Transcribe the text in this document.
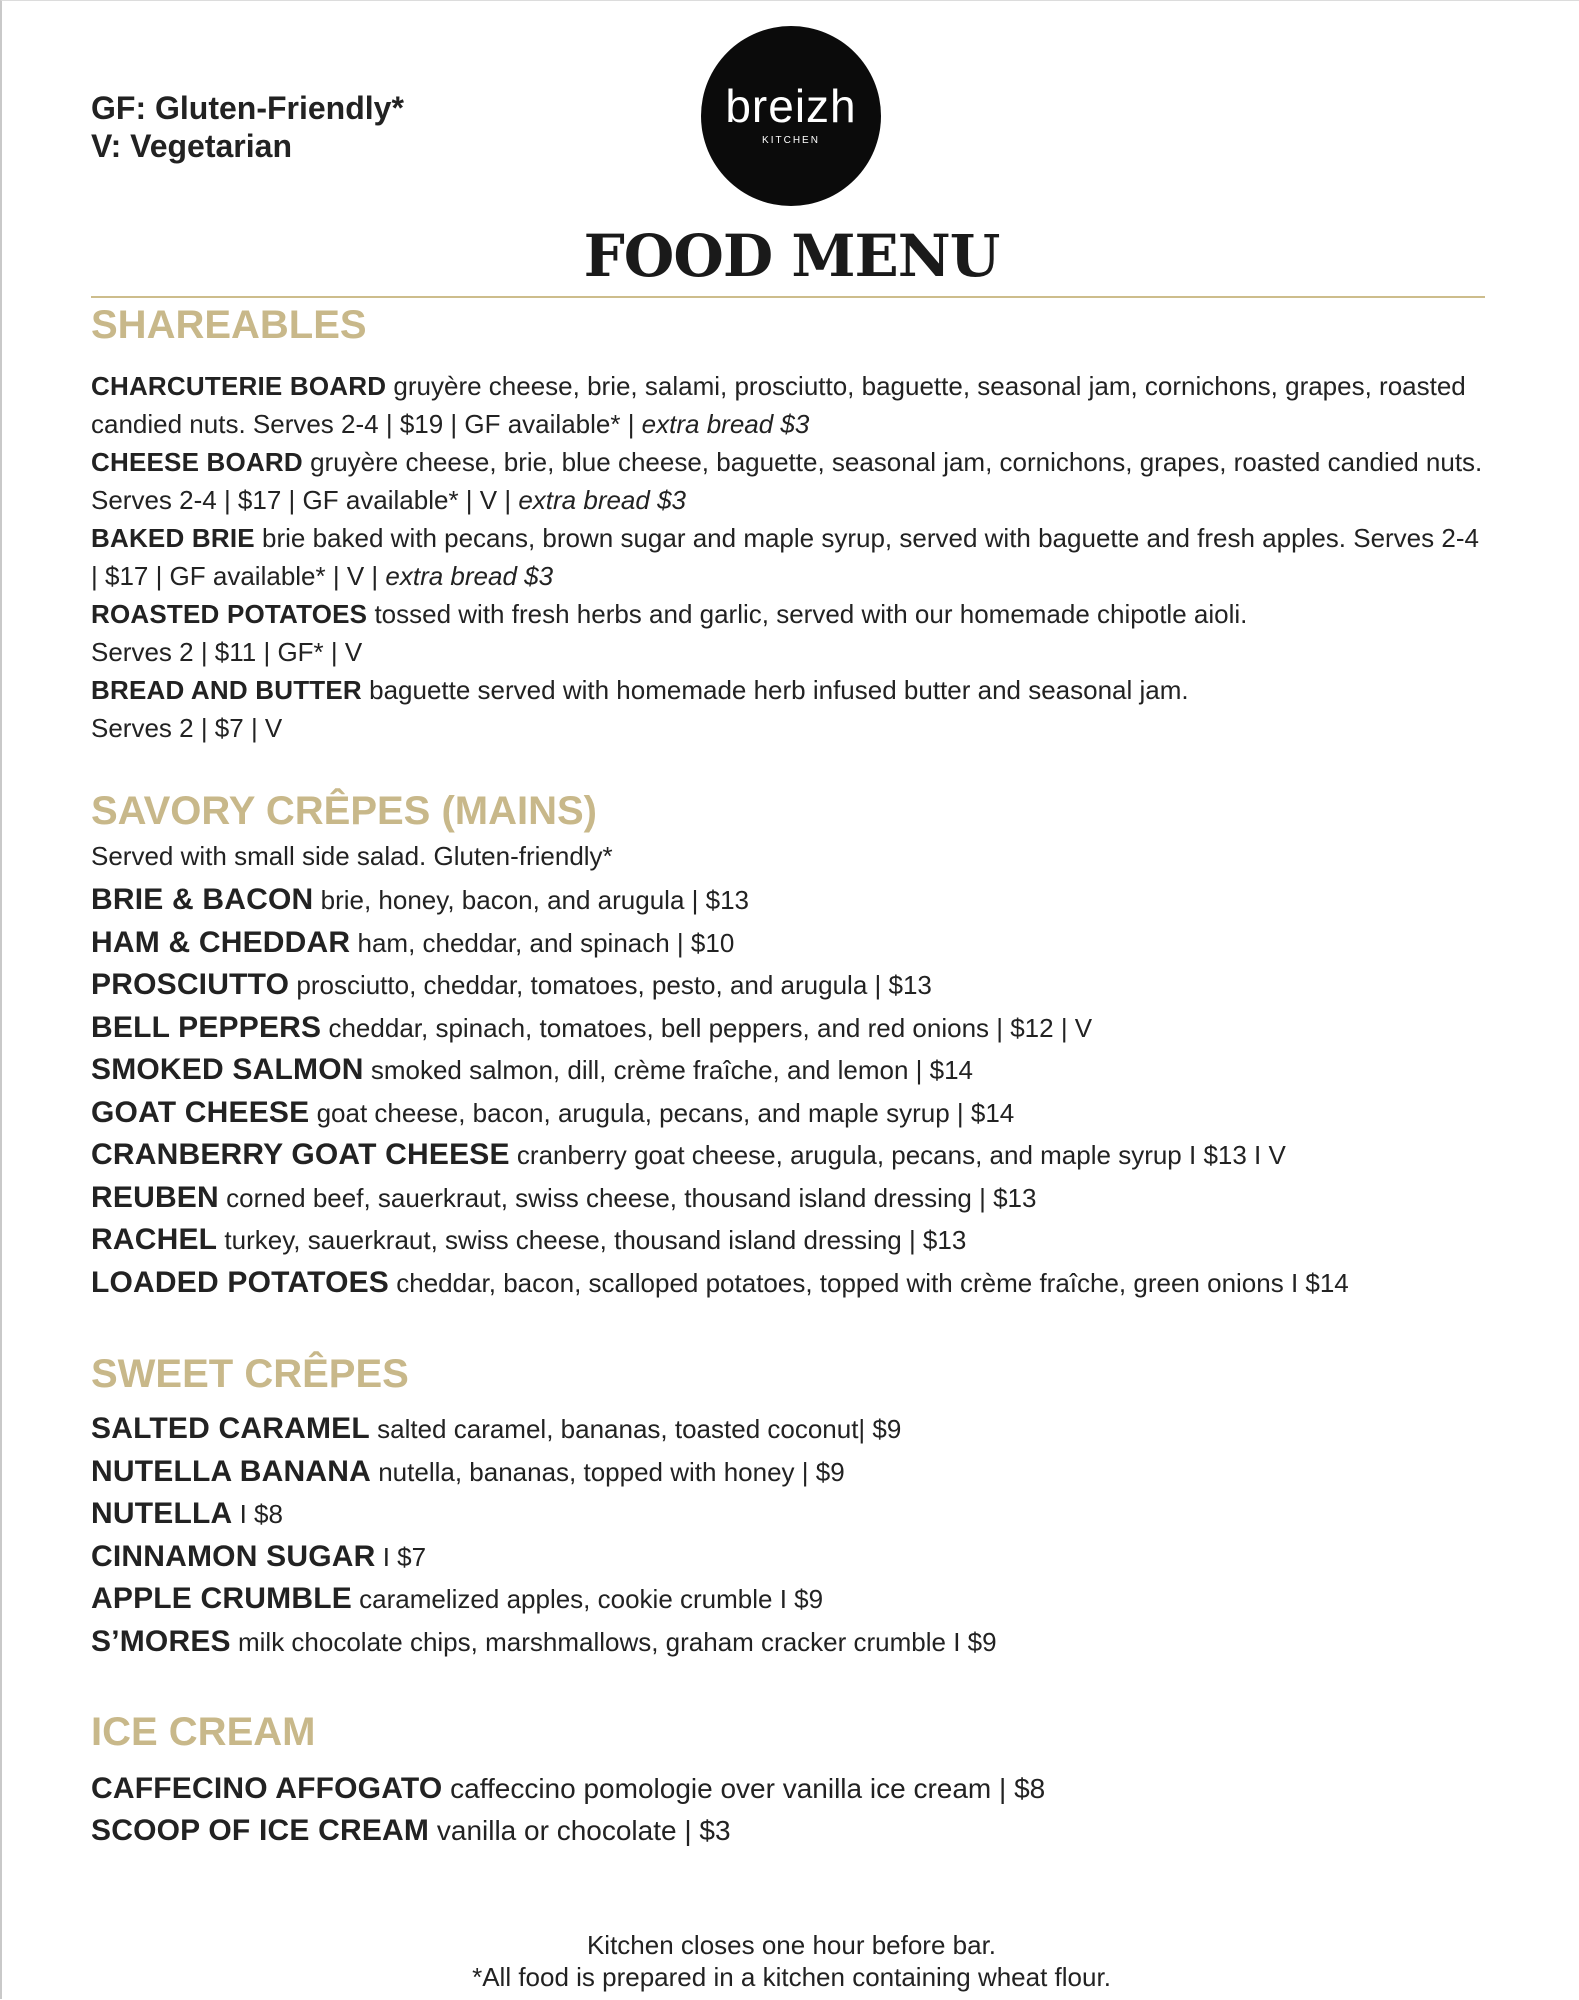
GF: Gluten-Friendly*
V: Vegetarian
breizh
KITCHEN
FOOD MENU
SHAREABLES
CHARCUTERIE BOARD gruyère cheese, brie, salami, prosciutto, baguette, seasonal jam, cornichons, grapes, roasted candied nuts. Serves 2-4 | $19 | GF available* | extra bread $3
CHEESE BOARD gruyère cheese, brie, blue cheese, baguette, seasonal jam, cornichons, grapes, roasted candied nuts. Serves 2-4 | $17 | GF available* | V | extra bread $3
BAKED BRIE brie baked with pecans, brown sugar and maple syrup, served with baguette and fresh apples. Serves 2-4 | $17 | GF available* | V | extra bread $3
ROASTED POTATOES tossed with fresh herbs and garlic, served with our homemade chipotle aioli.
Serves 2 | $11 | GF* | V
BREAD AND BUTTER baguette served with homemade herb infused butter and seasonal jam.
Serves 2 | $7 | V
SAVORY CRÊPES (MAINS)
Served with small side salad. Gluten-friendly*
BRIE & BACON brie, honey, bacon, and arugula | $13
HAM & CHEDDAR ham, cheddar, and spinach | $10
PROSCIUTTO prosciutto, cheddar, tomatoes, pesto, and arugula | $13
BELL PEPPERS cheddar, spinach, tomatoes, bell peppers, and red onions | $12 | V
SMOKED SALMON smoked salmon, dill, crème fraîche, and lemon | $14
GOAT CHEESE goat cheese, bacon, arugula, pecans, and maple syrup | $14
CRANBERRY GOAT CHEESE cranberry goat cheese, arugula, pecans, and maple syrup I $13 I V
REUBEN corned beef, sauerkraut, swiss cheese, thousand island dressing | $13
RACHEL turkey, sauerkraut, swiss cheese, thousand island dressing | $13
LOADED POTATOES cheddar, bacon, scalloped potatoes, topped with crème fraîche, green onions I $14
SWEET CRÊPES
SALTED CARAMEL salted caramel, bananas, toasted coconut| $9
NUTELLA BANANA nutella, bananas, topped with honey | $9
NUTELLA I $8
CINNAMON SUGAR I $7
APPLE CRUMBLE caramelized apples, cookie crumble I $9
S’MORES milk chocolate chips, marshmallows, graham cracker crumble I $9
ICE CREAM
CAFFECINO AFFOGATO caffeccino pomologie over vanilla ice cream | $8
SCOOP OF ICE CREAM vanilla or chocolate | $3
Kitchen closes one hour before bar.
*All food is prepared in a kitchen containing wheat flour.
